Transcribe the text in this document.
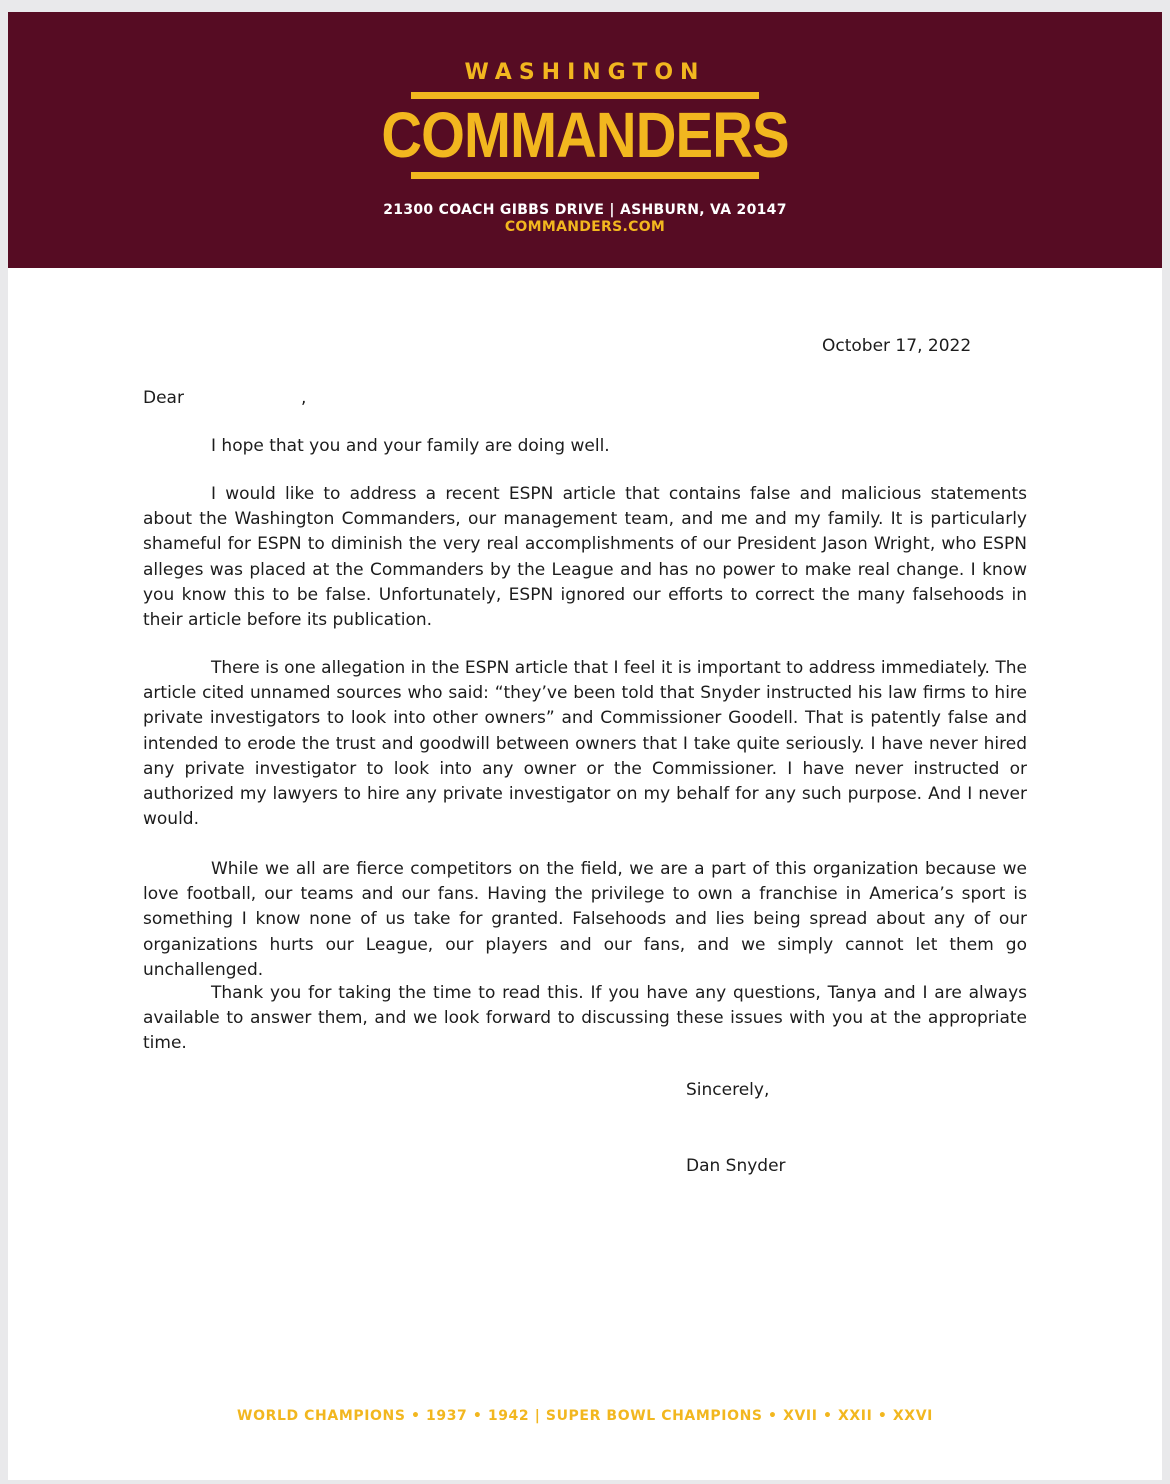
WASHINGTON
COMMANDERS
21300 COACH GIBBS DRIVE | ASHBURN, VA 20147
COMMANDERS.COM
October 17, 2022
Dear	,

I hope that you and your family are doing well.

I would like to address a recent ESPN article that contains false and malicious statements about the Washington Commanders, our management team, and me and my family. It is particularly shameful for ESPN to diminish the very real accomplishments of our President Jason Wright, who ESPN alleges was placed at the Commanders by the League and has no power to make real change. I know you know this to be false. Unfortunately, ESPN ignored our efforts to correct the many falsehoods in their article before its publication.

There is one allegation in the ESPN article that I feel it is important to address immediately. The article cited unnamed sources who said: “they’ve been told that Snyder instructed his law firms to hire private investigators to look into other owners” and Commissioner Goodell. That is patently false and intended to erode the trust and goodwill between owners that I take quite seriously. I have never hired any private investigator to look into any owner or the Commissioner. I have never instructed or authorized my lawyers to hire any private investigator on my behalf for any such purpose. And I never would.

While we all are fierce competitors on the field, we are a part of this organization because we love football, our teams and our fans. Having the privilege to own a franchise in America’s sport is something I know none of us take for granted. Falsehoods and lies being spread about any of our organizations hurts our League, our players and our fans, and we simply cannot let them go unchallenged.

Thank you for taking the time to read this. If you have any questions, Tanya and I are always available to answer them, and we look forward to discussing these issues with you at the appropriate time.

Sincerely,
Dan Snyder
WORLD CHAMPIONS • 1937 • 1942 | SUPER BOWL CHAMPIONS • XVII • XXII • XXVI
